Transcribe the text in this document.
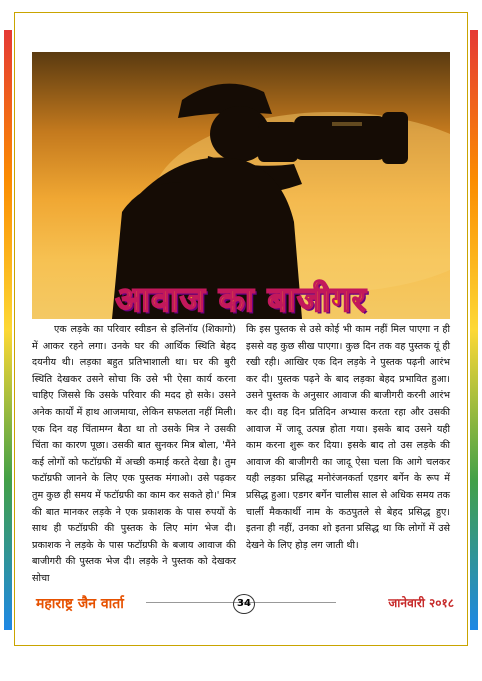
आवाज का बाजीगर

एक लड़के का परिवार स्वीडन से इलिनॉय (शिकागो) में आकर रहने लगा। उनके घर की आर्थिक स्थिति बेहद दयनीय थी। लड़का बहुत प्रतिभाशाली था। घर की बुरी स्थिति देखकर उसने सोचा कि उसे भी ऐसा कार्य करना चाहिए जिससे कि उसके परिवार की मदद हो सके। उसने अनेक कार्यों में हाथ आजमाया, लेकिन सफलता नहीं मिली। एक दिन वह चिंतामग्न बैठा था तो उसके मित्र ने उसकी चिंता का कारण पूछा। उसकी बात सुनकर मित्र बोला, 'मैंने कई लोगों को फटॉग्रफी में अच्छी कमाई करते देखा है। तुम फटॉग्रफी जानने के लिए एक पुस्तक मंगाओ। उसे पढ़कर तुम कुछ ही समय में फटॉग्रफी का काम कर सकते हो।' मित्र की बात मानकर लड़के ने एक प्रकाशक के पास रुपयों के साथ ही फटॉग्रफी की पुस्तक के लिए मांग भेज दी। प्रकाशक ने लड़के के पास फटॉग्रफी के बजाय आवाज की बाजीगरी की पुस्तक भेज दी। लड़के ने पुस्तक को देखकर सोचा

कि इस पुस्तक से उसे कोई भी काम नहीं मिल पाएगा न ही इससे वह कुछ सीख पाएगा। कुछ दिन तक वह पुस्तक यूं ही रखी रही। आखिर एक दिन लड़के ने पुस्तक पढ़नी आरंभ कर दी। पुस्तक पढ़ने के बाद लड़का बेहद प्रभावित हुआ। उसने पुस्तक के अनुसार आवाज की बाजीगरी करनी आरंभ कर दी। वह दिन प्रतिदिन अभ्यास करता रहा और उसकी आवाज में जादू उत्पन्न होता गया। इसके बाद उसने यही काम करना शुरू कर दिया। इसके बाद तो उस लड़के की आवाज की बाजीगरी का जादू ऐसा चला कि आगे चलकर यही लड़का प्रसिद्ध मनोरंजनकर्ता एडगर बर्गेन के रूप में प्रसिद्ध हुआ। एडगर बर्गेन चालीस साल से अधिक समय तक चार्ली मैककार्थी नाम के कठपुतले से बेहद प्रसिद्ध हुए। इतना ही नहीं, उनका शो इतना प्रसिद्ध था कि लोगों में उसे देखने के लिए होड़ लग जाती थी।

महाराष्ट्र जैन वार्ता	34	जानेवारी २०१८
